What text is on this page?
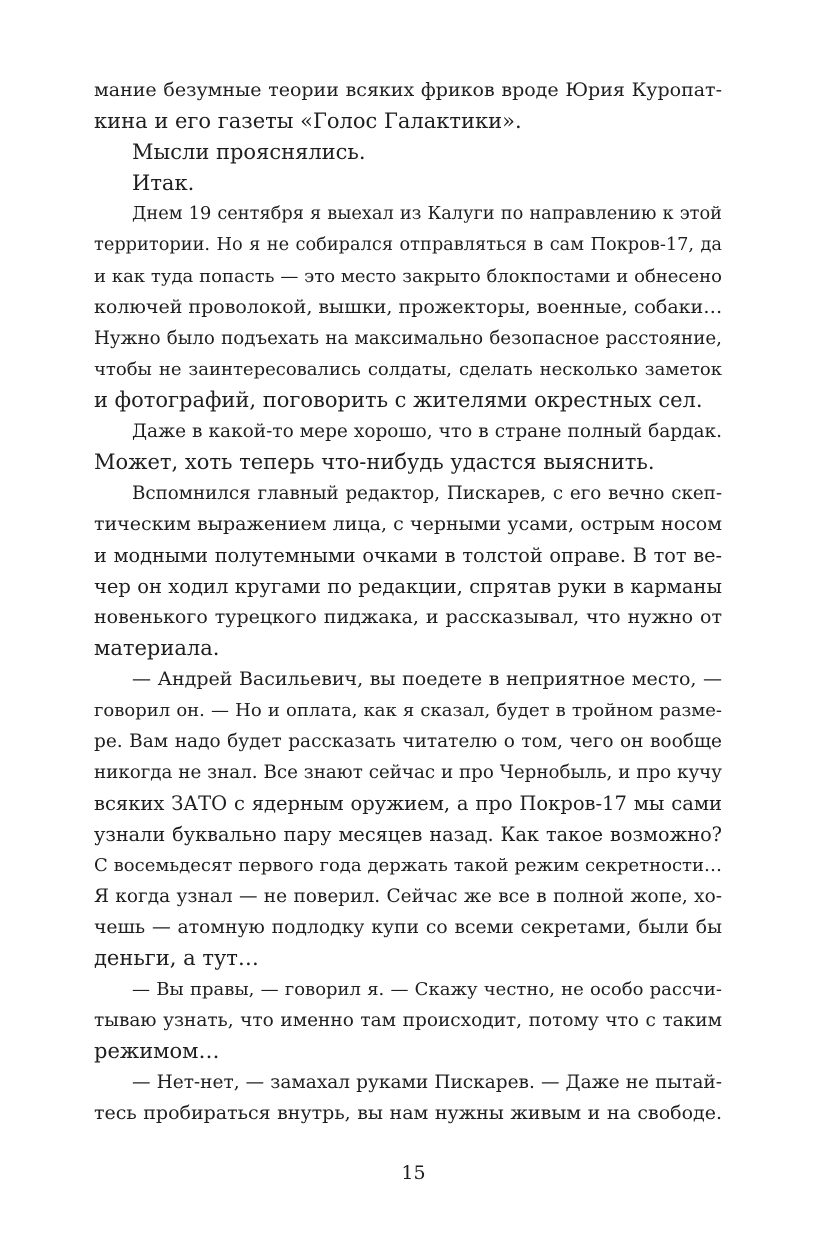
мание безумные теории всяких фриков вроде Юрия Куропат-
кина и его газеты «Голос Галактики».
Мысли прояснялись.
Итак.
Днем 19 сентября я выехал из Калуги по направлению к этой
территории. Но я не собирался отправляться в сам Покров-17, да
и как туда попасть — это место закрыто блокпостами и обнесено
колючей проволокой, вышки, прожекторы, военные, собаки…
Нужно было подъехать на максимально безопасное расстояние,
чтобы не заинтересовались солдаты, сделать несколько заметок
и фотографий, поговорить с жителями окрестных сел.
Даже в какой-то мере хорошо, что в стране полный бардак.
Может, хоть теперь что-нибудь удастся выяснить.
Вспомнился главный редактор, Пискарев, с его вечно скеп-
тическим выражением лица, с черными усами, острым носом
и модными полутемными очками в толстой оправе. В тот ве-
чер он ходил кругами по редакции, спрятав руки в карманы
новенького турецкого пиджака, и рассказывал, что нужно от
материала.
— Андрей Васильевич, вы поедете в неприятное место, —
говорил он. — Но и оплата, как я сказал, будет в тройном разме-
ре. Вам надо будет рассказать читателю о том, чего он вообще
никогда не знал. Все знают сейчас и про Чернобыль, и про кучу
всяких ЗАТО с ядерным оружием, а про Покров-17 мы сами
узнали буквально пару месяцев назад. Как такое возможно?
С восемьдесят первого года держать такой режим секретности…
Я когда узнал — не поверил. Сейчас же все в полной жопе, хо-
чешь — атомную подлодку купи со всеми секретами, были бы
деньги, а тут…
— Вы правы, — говорил я. — Скажу честно, не особо рассчи-
тываю узнать, что именно там происходит, потому что с таким
режимом…
— Нет-нет, — замахал руками Пискарев. — Даже не пытай-
тесь пробираться внутрь, вы нам нужны живым и на свободе.
15
